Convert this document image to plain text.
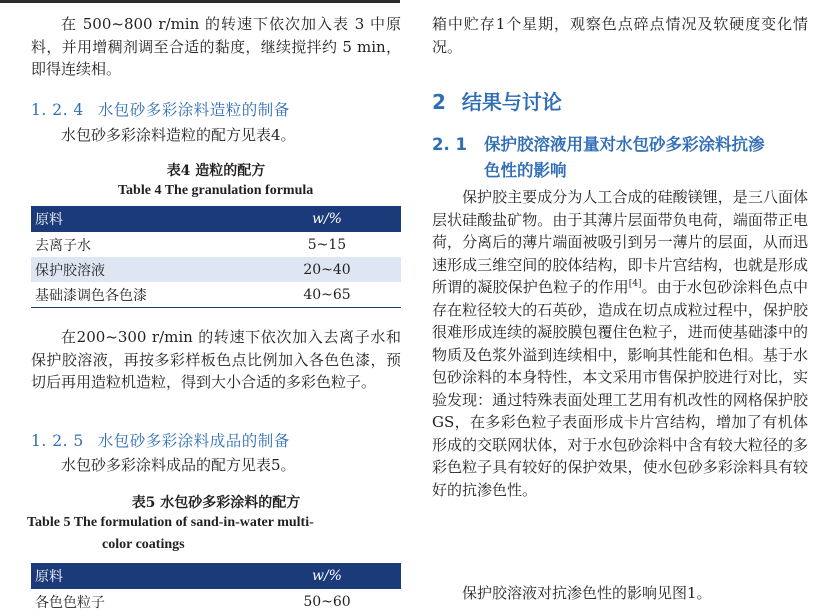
在 500~800 r/min 的转速下依次加入表 3 中原料，并用增稠剂调至合适的黏度，继续搅拌约 5 min，即得连续相。

1. 2. 4 水包砂多彩涂料造粒的制备

水包砂多彩涂料造粒的配方见表4。

表4 造粒的配方
Table 4 The granulation formula
原料	w/%
去离子水	5~15
保护胶溶液	20~40
基础漆调色各色漆	40~65

在200~300 r/min 的转速下依次加入去离子水和保护胶溶液，再按多彩样板色点比例加入各色色漆，预切后再用造粒机造粒，得到大小合适的多彩色粒子。

1. 2. 5 水包砂多彩涂料成品的制备

水包砂多彩涂料成品的配方见表5。

表5 水包砂多彩涂料的配方
Table 5 The formulation of sand-in-water multi-
color coatings
原料	w/%
各色色粒子	50~60

箱中贮存1个星期，观察色点碎点情况及软硬度变化情况。

2 结果与讨论
2. 1 保护胶溶液用量对水包砂多彩涂料抗渗
色性的影响

保护胶主要成分为人工合成的硅酸镁锂，是三八面体层状硅酸盐矿物。由于其薄片层面带负电荷，端面带正电荷，分离后的薄片端面被吸引到另一薄片的层面，从而迅速形成三维空间的胶体结构，即卡片宫结构，也就是形成所谓的凝胶保护色粒子的作用[4]。由于水包砂涂料色点中存在粒径较大的石英砂，造成在切点成粒过程中，保护胶很难形成连续的凝胶膜包覆住色粒子，进而使基础漆中的物质及色浆外溢到连续相中，影响其性能和色相。基于水包砂涂料的本身特性，本文采用市售保护胶进行对比，实验发现：通过特殊表面处理工艺用有机改性的网格保护胶 GS，在多彩色粒子表面形成卡片宫结构，增加了有机体形成的交联网状体，对于水包砂涂料中含有较大粒径的多彩色粒子具有较好的保护效果，使水包砂多彩涂料具有较好的抗渗色性。

保护胶溶液对抗渗色性的影响见图1。
